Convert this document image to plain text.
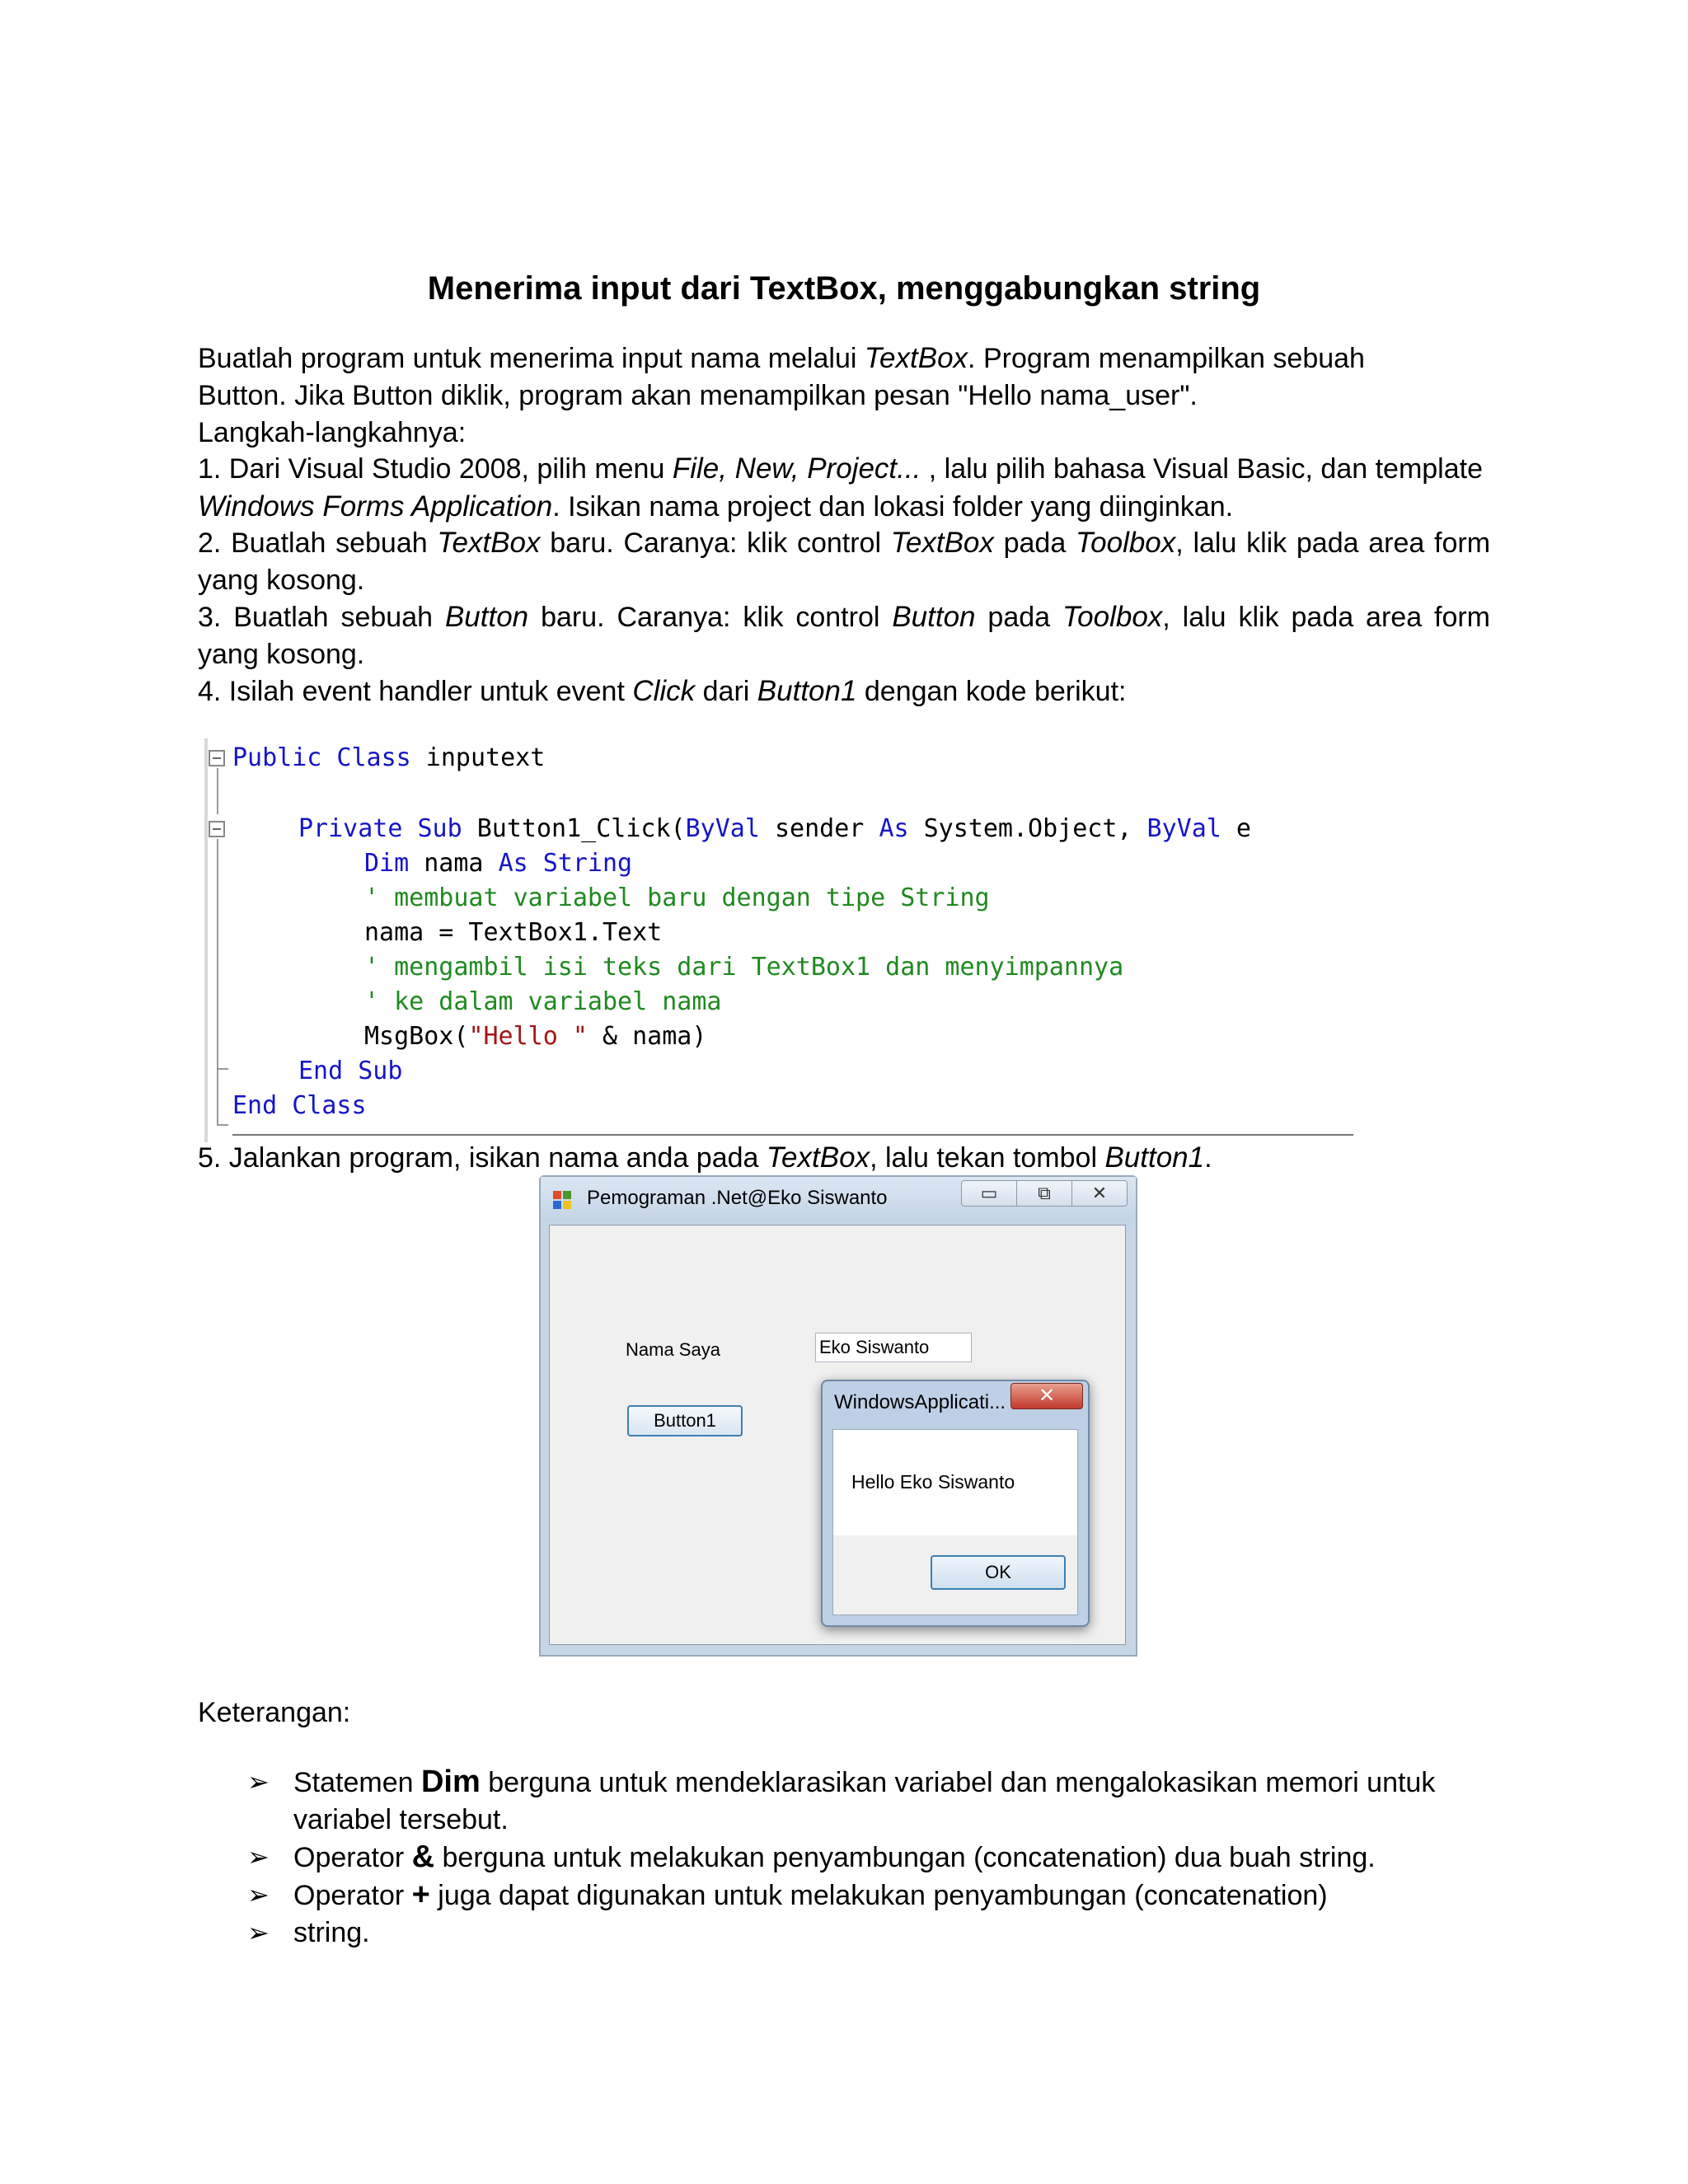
Menerima input dari TextBox, menggabungkan string
Buatlah program untuk menerima input nama melalui TextBox. Program menampilkan sebuah
Button. Jika Button diklik, program akan menampilkan pesan "Hello nama_user".
Langkah-langkahnya:
1. Dari Visual Studio 2008, pilih menu File, New, Project... , lalu pilih bahasa Visual Basic, dan template
Windows Forms Application. Isikan nama project dan lokasi folder yang diinginkan.
2. Buatlah sebuah TextBox baru. Caranya: klik control TextBox pada Toolbox, lalu klik pada area form yang kosong.
3. Buatlah sebuah Button baru. Caranya: klik control Button pada Toolbox, lalu klik pada area form yang kosong.
4. Isilah event handler untuk event Click dari Button1 dengan kode berikut:
Public Class inputext
Private Sub Button1_Click(ByVal sender As System.Object, ByVal e
Dim nama As String
' membuat variabel baru dengan tipe String
nama = TextBox1.Text
' mengambil isi teks dari TextBox1 dan menyimpannya
' ke dalam variabel nama
MsgBox("Hello " & nama)
End Sub
End Class
5. Jalankan program, isikan nama anda pada TextBox, lalu tekan tombol Button1.
Pemograman .Net@Eko Siswanto	▭	⧉	✕
Nama Saya	Eko Siswanto
Button1
WindowsApplicati...	✕
Hello Eko Siswanto
OK
Keterangan:
➢ Statemen Dim berguna untuk mendeklarasikan variabel dan mengalokasikan memori untuk variabel tersebut.
➢ Operator & berguna untuk melakukan penyambungan (concatenation) dua buah string.
➢ Operator + juga dapat digunakan untuk melakukan penyambungan (concatenation)
➢ string.
